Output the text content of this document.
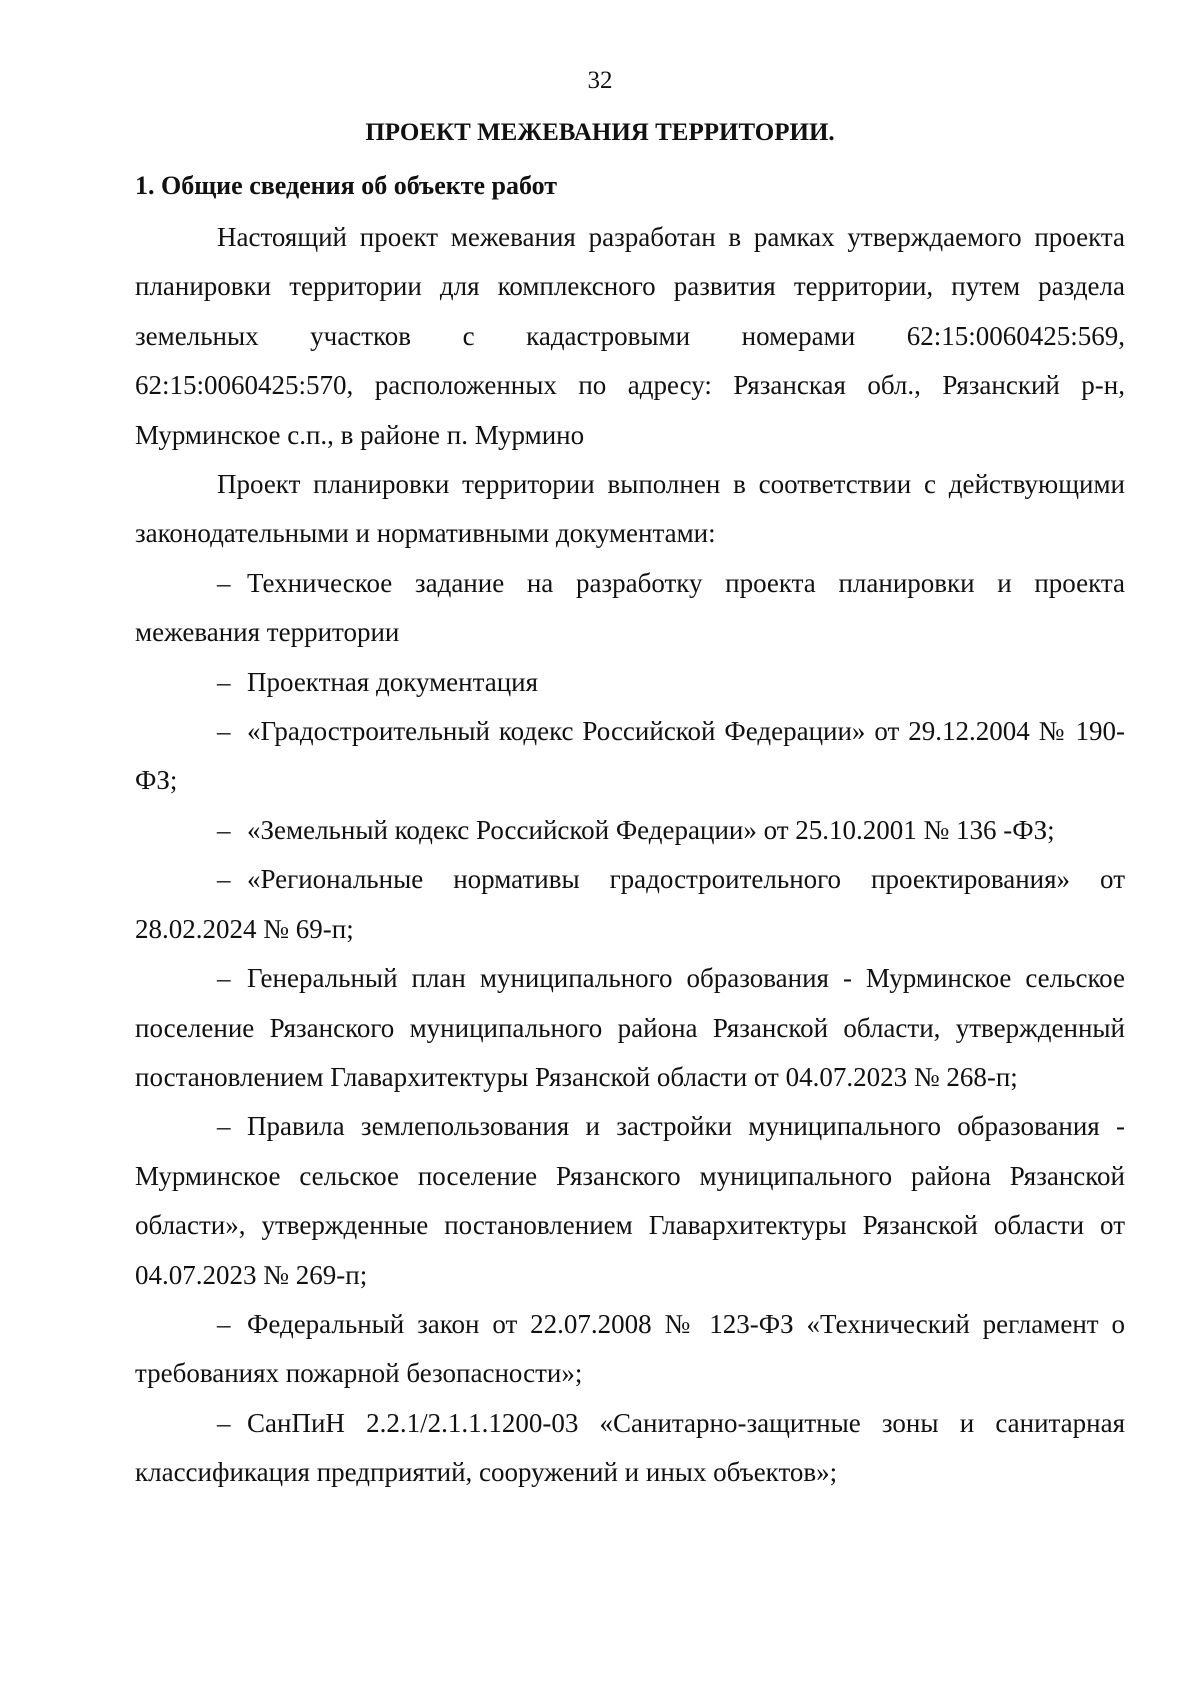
32
ПРОЕКТ МЕЖЕВАНИЯ ТЕРРИТОРИИ.
1. Общие сведения об объекте работ

Настоящий проект межевания разработан в рамках утверждаемого проекта планировки территории для комплексного развития территории, путем раздела земельных участков с кадастровыми номерами 62:15:0060425:569, 62:15:0060425:570, расположенных по адресу: Рязанская обл., Рязанский р-н, Мурминское с.п., в районе п. Мурмино

Проект планировки территории выполнен в соответствии с действующими законодательными и нормативными документами:

– Техническое задание на разработку проекта планировки и проекта межевания территории

– Проектная документация

– «Градостроительный кодекс Российской Федерации» от 29.12.2004 № 190-ФЗ;

– «Земельный кодекс Российской Федерации» от 25.10.2001 № 136 -ФЗ;

– «Региональные нормативы градостроительного проектирования» от 28.02.2024 № 69-п;

– Генеральный план муниципального образования - Мурминское сельское поселение Рязанского муниципального района Рязанской области, утвержденный постановлением Главархитектуры Рязанской области от 04.07.2023 № 268-п;

– Правила землепользования и застройки муниципального образования - Мурминское сельское поселение Рязанского муниципального района Рязанской области», утвержденные постановлением Главархитектуры Рязанской области от 04.07.2023 № 269-п;

– Федеральный закон от 22.07.2008 № 123-ФЗ «Технический регламент о требованиях пожарной безопасности»;

– СанПиН 2.2.1/2.1.1.1200-03 «Санитарно-защитные зоны и санитарная классификация предприятий, сооружений и иных объектов»;
